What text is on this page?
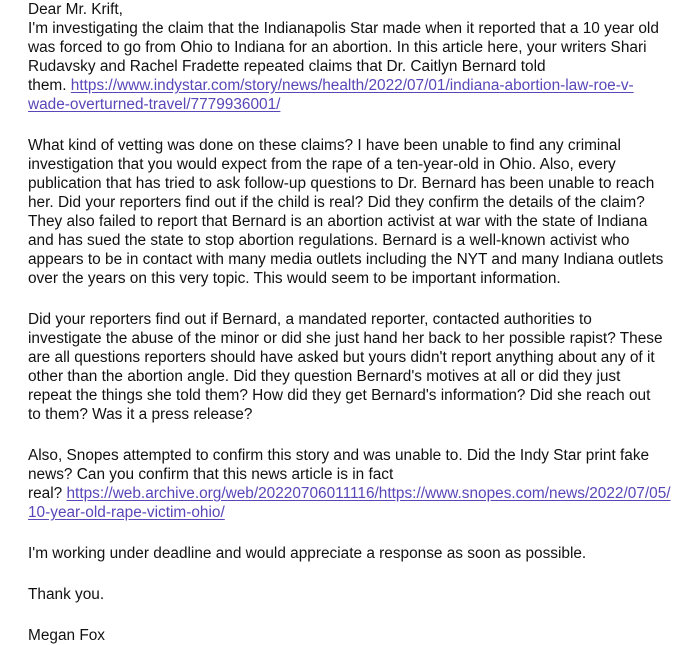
Dear Mr. Krift,
I'm investigating the claim that the Indianapolis Star made when it reported that a 10 year old
was forced to go from Ohio to Indiana for an abortion. In this article here, your writers Shari
Rudavsky and Rachel Fradette repeated claims that Dr. Caitlyn Bernard told
them. https://www.indystar.com/story/news/health/2022/07/01/indiana-abortion-law-roe-v-
wade-overturned-travel/7779936001/
What kind of vetting was done on these claims? I have been unable to find any criminal
investigation that you would expect from the rape of a ten-year-old in Ohio. Also, every
publication that has tried to ask follow-up questions to Dr. Bernard has been unable to reach
her. Did your reporters find out if the child is real? Did they confirm the details of the claim?
They also failed to report that Bernard is an abortion activist at war with the state of Indiana
and has sued the state to stop abortion regulations. Bernard is a well-known activist who
appears to be in contact with many media outlets including the NYT and many Indiana outlets
over the years on this very topic. This would seem to be important information.
Did your reporters find out if Bernard, a mandated reporter, contacted authorities to
investigate the abuse of the minor or did she just hand her back to her possible rapist? These
are all questions reporters should have asked but yours didn't report anything about any of it
other than the abortion angle. Did they question Bernard's motives at all or did they just
repeat the things she told them? How did they get Bernard's information? Did she reach out
to them? Was it a press release?
Also, Snopes attempted to confirm this story and was unable to. Did the Indy Star print fake
news? Can you confirm that this news article is in fact
real? https://web.archive.org/web/20220706011116/https://www.snopes.com/news/2022/07/05/
10-year-old-rape-victim-ohio/
I'm working under deadline and would appreciate a response as soon as possible.
Thank you.
Megan Fox
